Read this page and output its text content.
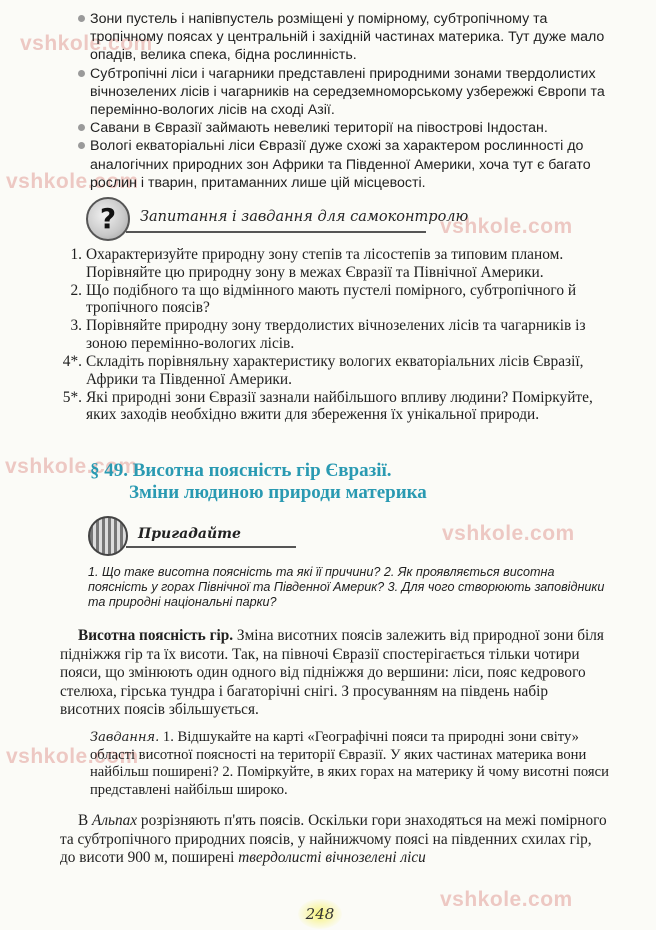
vshkole.com
vshkole.com
vshkole.com
vshkole.com
vshkole.com
vshkole.com
vshkole.com

Зони пустель і напівпустель розміщені у помірному, субтропічному та тропічному поясах у центральній і західній частинах материка. Тут дуже мало опадів, велика спека, бідна рослинність.

Субтропічні ліси і чагарники представлені природними зонами твердолистих вічнозелених лісів і чагарників на середземноморському узбережжі Європи та перемінно-вологих лісів на сході Азії.

Савани в Євразії займають невеликі території на півострові Індостан.

Вологі екваторіальні ліси Євразії дуже схожі за характером рослинності до аналогічних природних зон Африки та Південної Америки, хоча тут є багато рослин і тварин, притаманних лише цій місцевості.

?	Запитання і завдання для самоконтролю

1. Охарактеризуйте природну зону степів та лісостепів за типовим планом. Порівняйте цю природну зону в межах Євразії та Північної Америки.

2. Що подібного та що відмінного мають пустелі помірного, субтропічного й тропічного поясів?

3. Порівняйте природну зону твердолистих вічнозелених лісів та чагарників із зоною перемінно-вологих лісів.

4*. Складіть порівняльну характеристику вологих екваторіальних лісів Євразії, Африки та Південної Америки.

5*. Які природні зони Євразії зазнали найбільшого впливу людини? Поміркуйте, яких заходів необхідно вжити для збереження їх унікальної природи.

§ 49. Висотна поясність гір Євразії.
Зміни людиною природи материка
Пригадайте

1. Що таке висотна поясність та які її причини? 2. Як проявляється висотна поясність у горах Північної та Південної Америк? 3. Для чого створюють заповідники та природні національні парки?

Висотна поясність гір. Зміна висотних поясів залежить від природної зони біля підніжжя гір та їх висоти. Так, на півночі Євразії спостерігається тільки чотири пояси, що змінюють один одного від підніжжя до вершини: ліси, пояс кедрового стелюха, гірська тундра і багаторічні снігі. З просуванням на південь набір висотних поясів збільшується.

Завдання. 1. Відшукайте на карті «Географічні пояси та природні зони світу» області висотної поясності на території Євразії. У яких частинах материка вони найбільш поширені? 2. Поміркуйте, в яких горах на материку й чому висотні пояси представлені найбільш широко.

В Альпах розрізняють п'ять поясів. Оскільки гори знаходяться на межі помірного та субтропічного природних поясів, у найнижчому поясі на південних схилах гір, до висоти 900 м, поширені твердолисті вічнозелені ліси

248
